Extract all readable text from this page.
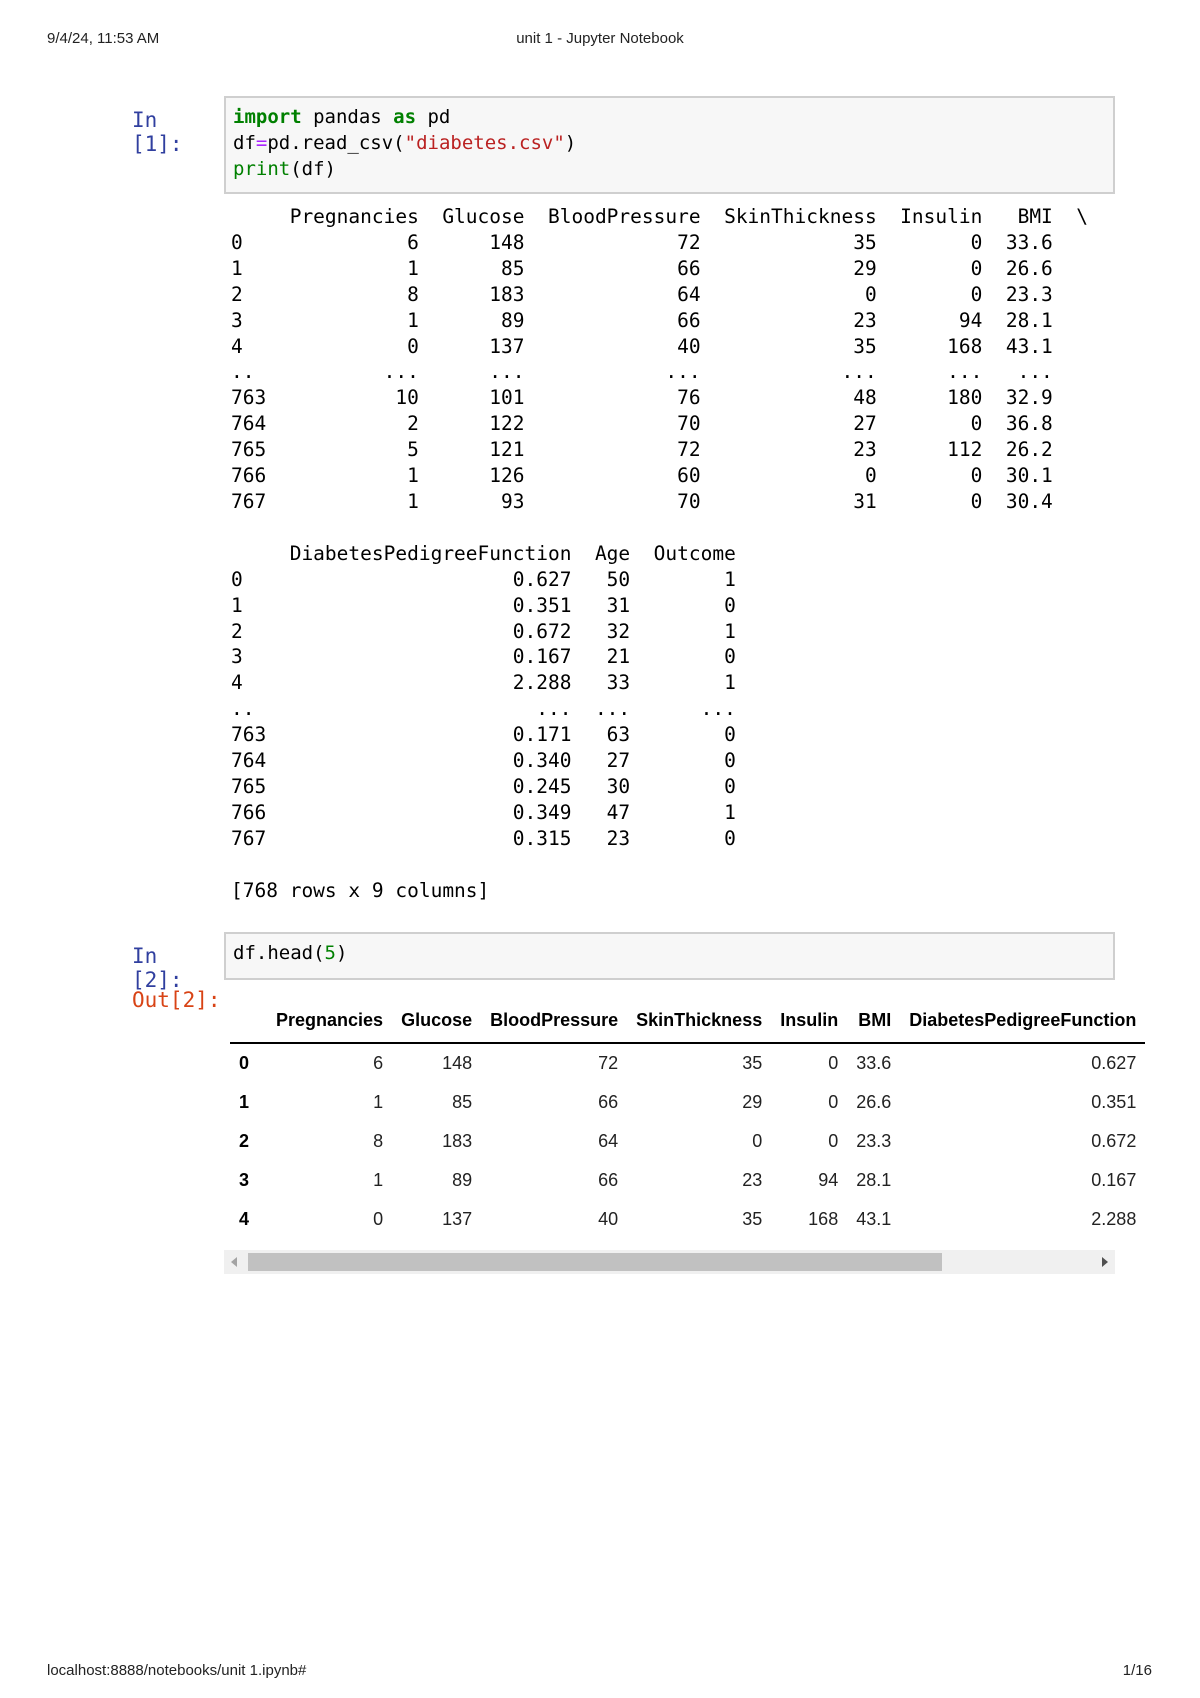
9/4/24, 11:53 AM	unit 1 - Jupyter Notebook
In [1]:
import pandas as pd
df=pd.read_csv("diabetes.csv")
print(df)
Pregnancies  Glucose  BloodPressure  SkinThickness  Insulin   BMI  \
0              6      148             72             35        0  33.6
1              1       85             66             29        0  26.6
2              8      183             64              0        0  23.3
3              1       89             66             23       94  28.1
4              0      137             40             35      168  43.1
..           ...      ...            ...            ...      ...   ...
763           10      101             76             48      180  32.9
764            2      122             70             27        0  36.8
765            5      121             72             23      112  26.2
766            1      126             60              0        0  30.1
767            1       93             70             31        0  30.4

DiabetesPedigreeFunction  Age  Outcome
0                       0.627   50        1
1                       0.351   31        0
2                       0.672   32        1
3                       0.167   21        0
4                       2.288   33        1
..                        ...  ...      ...
763                     0.171   63        0
764                     0.340   27        0
765                     0.245   30        0
766                     0.349   47        1
767                     0.315   23        0

[768 rows x 9 columns]
In [2]:
df.head(5)
Out[2]:
	Pregnancies	Glucose	BloodPressure	SkinThickness	Insulin	BMI	DiabetesPedigreeFunction
0	6	148	72	35	0	33.6	0.627
1	1	85	66	29	0	26.6	0.351
2	8	183	64	0	0	23.3	0.672
3	1	89	66	23	94	28.1	0.167
4	0	137	40	35	168	43.1	2.288
localhost:8888/notebooks/unit 1.ipynb#	1/16
